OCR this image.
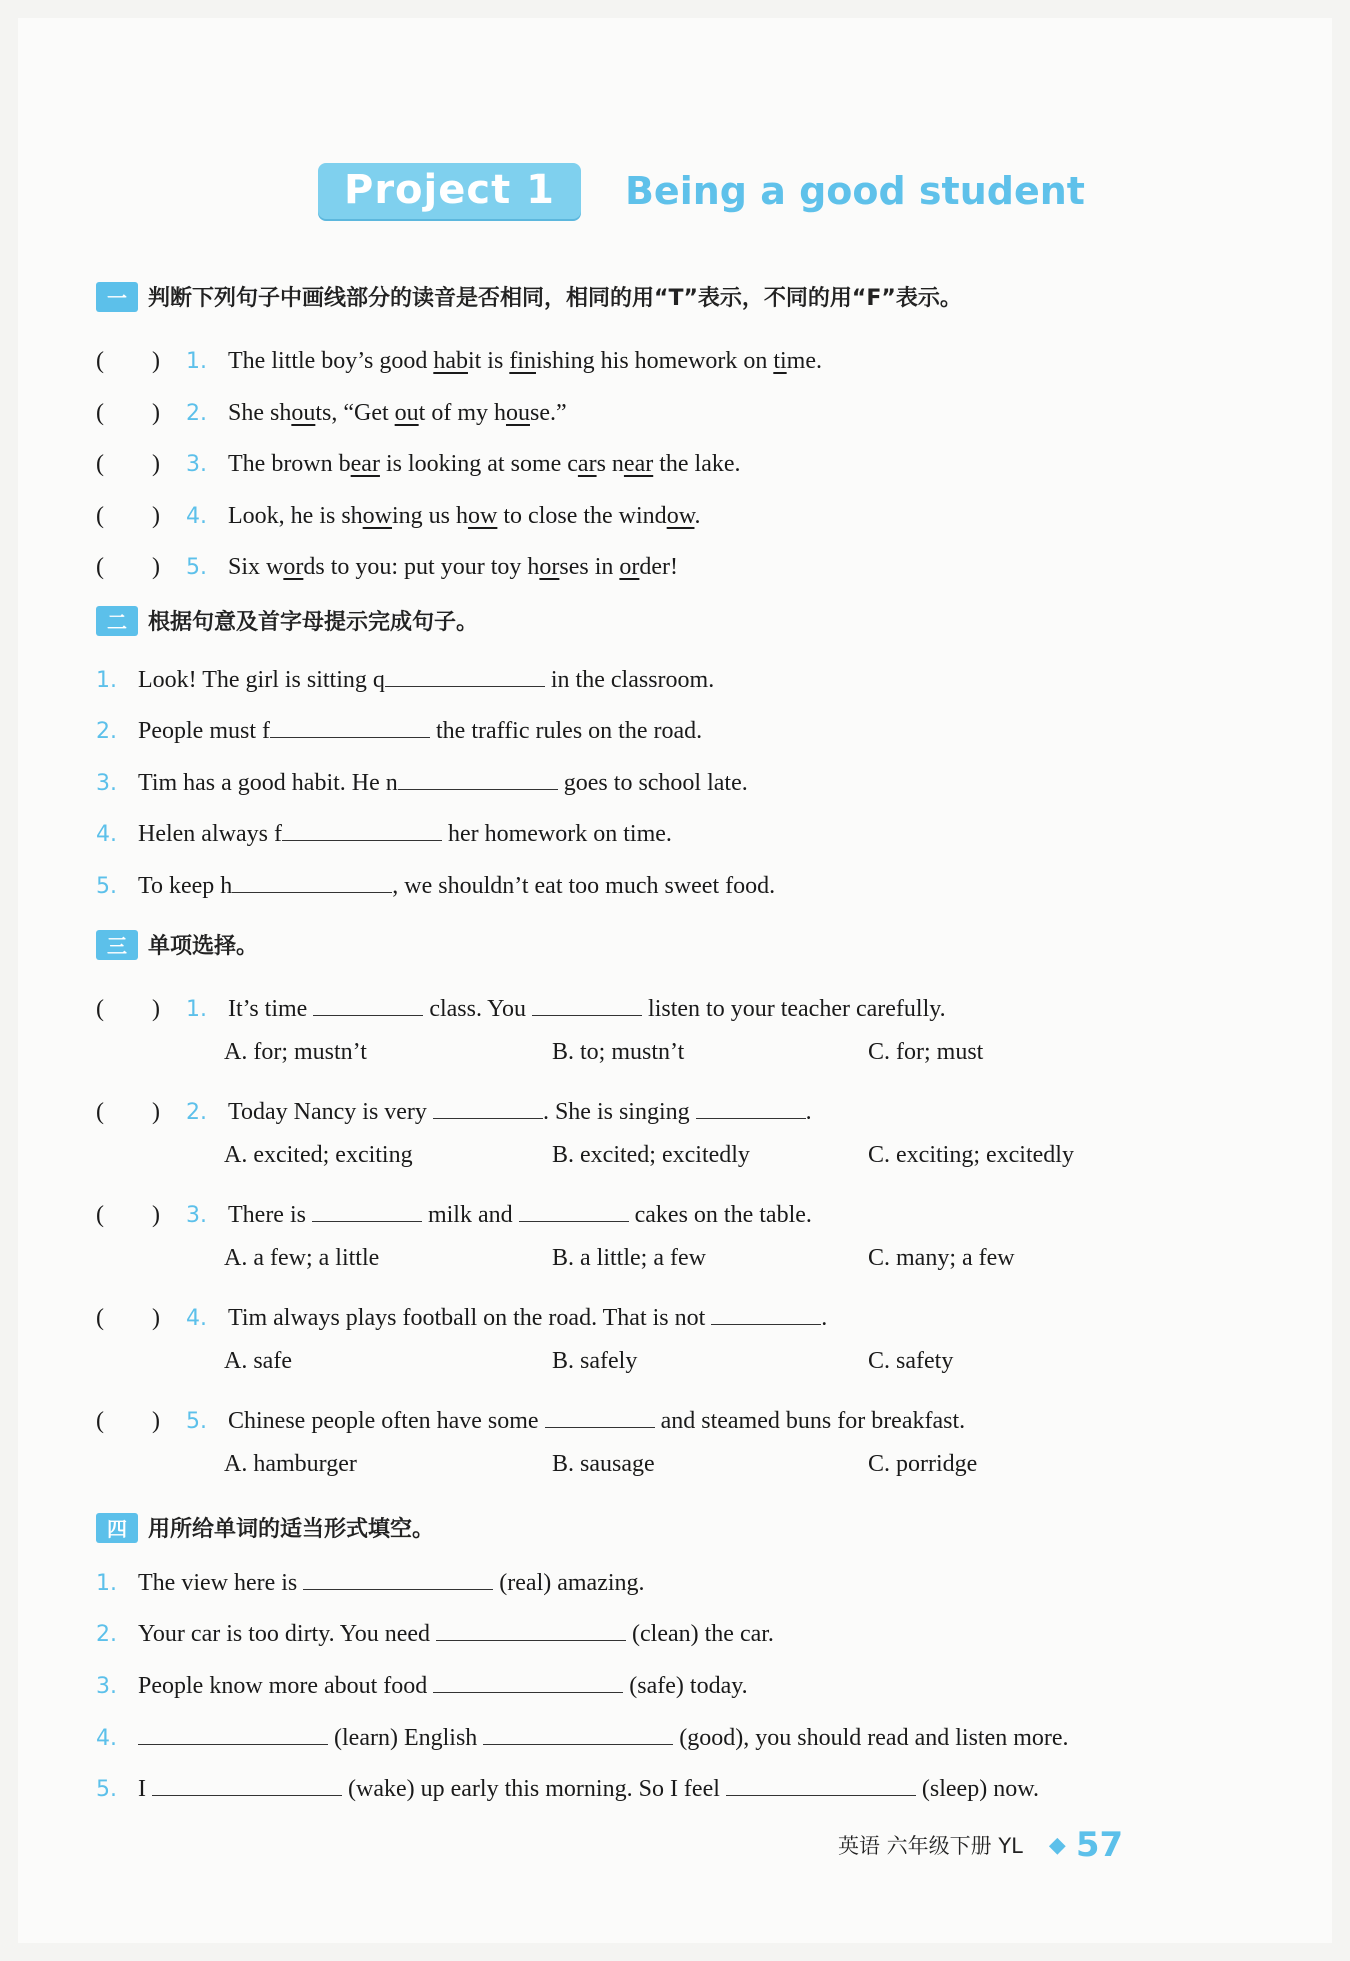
Project 1	Being a good student
一 判断下列句子中画线部分的读音是否相同，相同的用“T”表示，不同的用“F”表示。
(　　) 1. The little boy’s good habit is finishing his homework on time.
(　　) 2. She shouts, “Get out of my house.”
(　　) 3. The brown bear is looking at some cars near the lake.
(　　) 4. Look, he is showing us how to close the window.
(　　) 5. Six words to you: put your toy horses in order!
二 根据句意及首字母提示完成句子。
1. Look! The girl is sitting q	in the classroom.
2. People must f	the traffic rules on the road.
3. Tim has a good habit. He n	goes to school late.
4. Helen always f	her homework on time.
5. To keep h	, we shouldn’t eat too much sweet food.
三 单项选择。
(　　) 1. It’s time	class. You	listen to your teacher carefully.
A. for; mustn’t	B. to; mustn’t	C. for; must
(　　) 2. Today Nancy is very	. She is singing	.
A. excited; exciting	B. excited; excitedly	C. exciting; excitedly
(　　) 3. There is	milk and	cakes on the table.
A. a few; a little	B. a little; a few	C. many; a few
(　　) 4. Tim always plays football on the road. That is not	.
A. safe	B. safely	C. safety
(　　) 5. Chinese people often have some	and steamed buns for breakfast.
A. hamburger	B. sausage	C. porridge
四 用所给单词的适当形式填空。
1. The view here is	(real) amazing.
2. Your car is too dirty. You need	(clean) the car.
3. People know more about food	(safe) today.
4.	(learn) English	(good), you should read and listen more.
5. I	(wake) up early this morning. So I feel	(sleep) now.
英语 六年级下册 YL ◆ 57
